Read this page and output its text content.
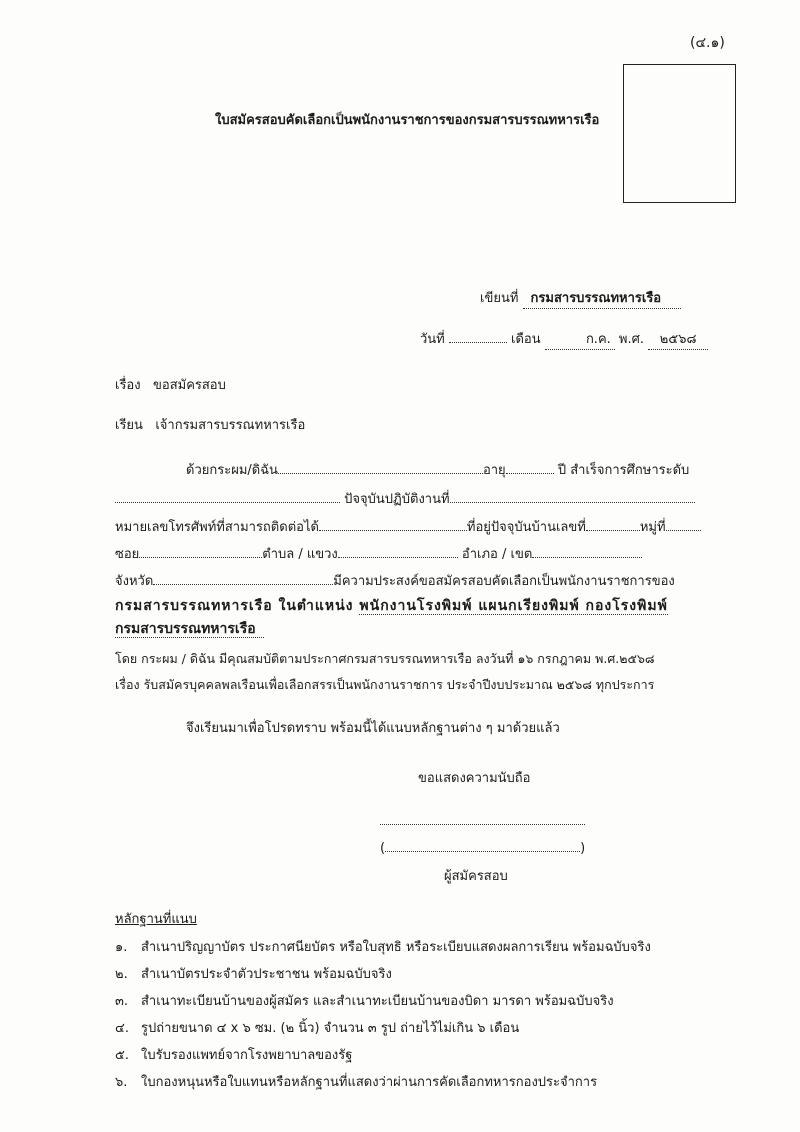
(๔.๑)
ใบสมัครสอบคัดเลือกเป็นพนักงานราชการของกรมสารบรรณทหารเรือ
เขียนที่ กรมสารบรรณทหารเรือ
วันที่	เดือน	ก.ค. พ.ศ. ๒๕๖๘
เรื่อง ขอสมัครสอบ
เรียน เจ้ากรมสารบรรณทหารเรือ
ด้วยกระผม/ดิฉัน	อายุ	ปี สำเร็จการศึกษาระดับ
ปัจจุบันปฏิบัติงานที่
หมายเลขโทรศัพท์ที่สามารถติดต่อได้	ที่อยู่ปัจจุบันบ้านเลขที่	หมู่ที่
ซอย	ตำบล / แขวง	อำเภอ / เขต
จังหวัด	มีความประสงค์ขอสมัครสอบคัดเลือกเป็นพนักงานราชการของ
กรมสารบรรณทหารเรือ ในตำแหน่ง พนักงานโรงพิมพ์ แผนกเรียงพิมพ์ กองโรงพิมพ์
กรมสารบรรณทหารเรือ
โดย กระผม / ดิฉัน มีคุณสมบัติตามประกาศกรมสารบรรณทหารเรือ ลงวันที่ ๑๖ กรกฎาคม พ.ศ.๒๕๖๘
เรื่อง รับสมัครบุคคลพลเรือนเพื่อเลือกสรรเป็นพนักงานราชการ ประจำปีงบประมาณ ๒๕๖๘ ทุกประการ
จึงเรียนมาเพื่อโปรดทราบ พร้อมนี้ได้แนบหลักฐานต่าง ๆ มาด้วยแล้ว
ขอแสดงความนับถือ
(	)
ผู้สมัครสอบ
หลักฐานที่แนบ
๑. สำเนาปริญญาบัตร ประกาศนียบัตร หรือใบสุทธิ หรือระเบียบแสดงผลการเรียน พร้อมฉบับจริง
๒. สำเนาบัตรประจำตัวประชาชน พร้อมฉบับจริง
๓. สำเนาทะเบียนบ้านของผู้สมัคร และสำเนาทะเบียนบ้านของบิดา มารดา พร้อมฉบับจริง
๔. รูปถ่ายขนาด ๔ x ๖ ซม. (๒ นิ้ว) จำนวน ๓ รูป ถ่ายไว้ไม่เกิน ๖ เดือน
๕. ใบรับรองแพทย์จากโรงพยาบาลของรัฐ
๖. ใบกองหนุนหรือใบแทนหรือหลักฐานที่แสดงว่าผ่านการคัดเลือกทหารกองประจำการ
